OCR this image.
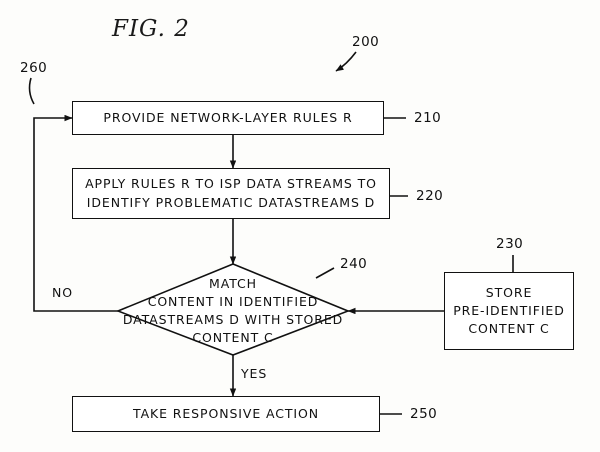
FIG. 2	200
210
220
240
230
250
260
PROVIDE NETWORK-LAYER RULES R
APPLY RULES R TO ISP DATA STREAMS TO
IDENTIFY PROBLEMATIC DATASTREAMS D
MATCH
CONTENT IN IDENTIFIED
DATASTREAMS D WITH STORED
CONTENT C
STORE
PRE-IDENTIFIED
CONTENT C
TAKE RESPONSIVE ACTION
NO
YES
